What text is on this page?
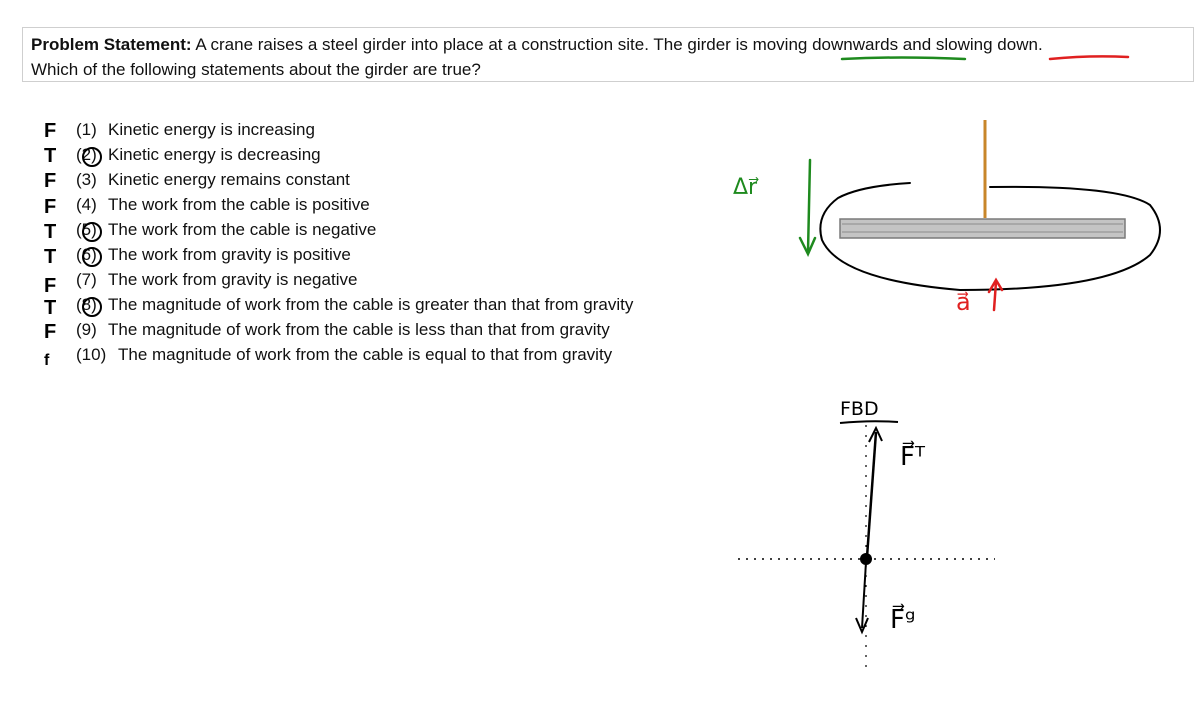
Problem Statement: A crane raises a steel girder into place at a construction site. The girder is moving downwards and slowing down.
Which of the following statements about the girder are true?
(1) Kinetic energy is increasing
(2) Kinetic energy is decreasing
(3) Kinetic energy remains constant
(4) The work from the cable is positive
(5) The work from the cable is negative
(6) The work from gravity is positive
(7) The work from gravity is negative
(8) The magnitude of work from the cable is greater than that from gravity
(9) The magnitude of work from the cable is less than that from gravity
(10) The magnitude of work from the cable is equal to that from gravity
F
T
F
F
T
T
F
T
F
f
Δr⃗
a⃗
FBD
F⃗ᵀ
F⃗ᵍ
